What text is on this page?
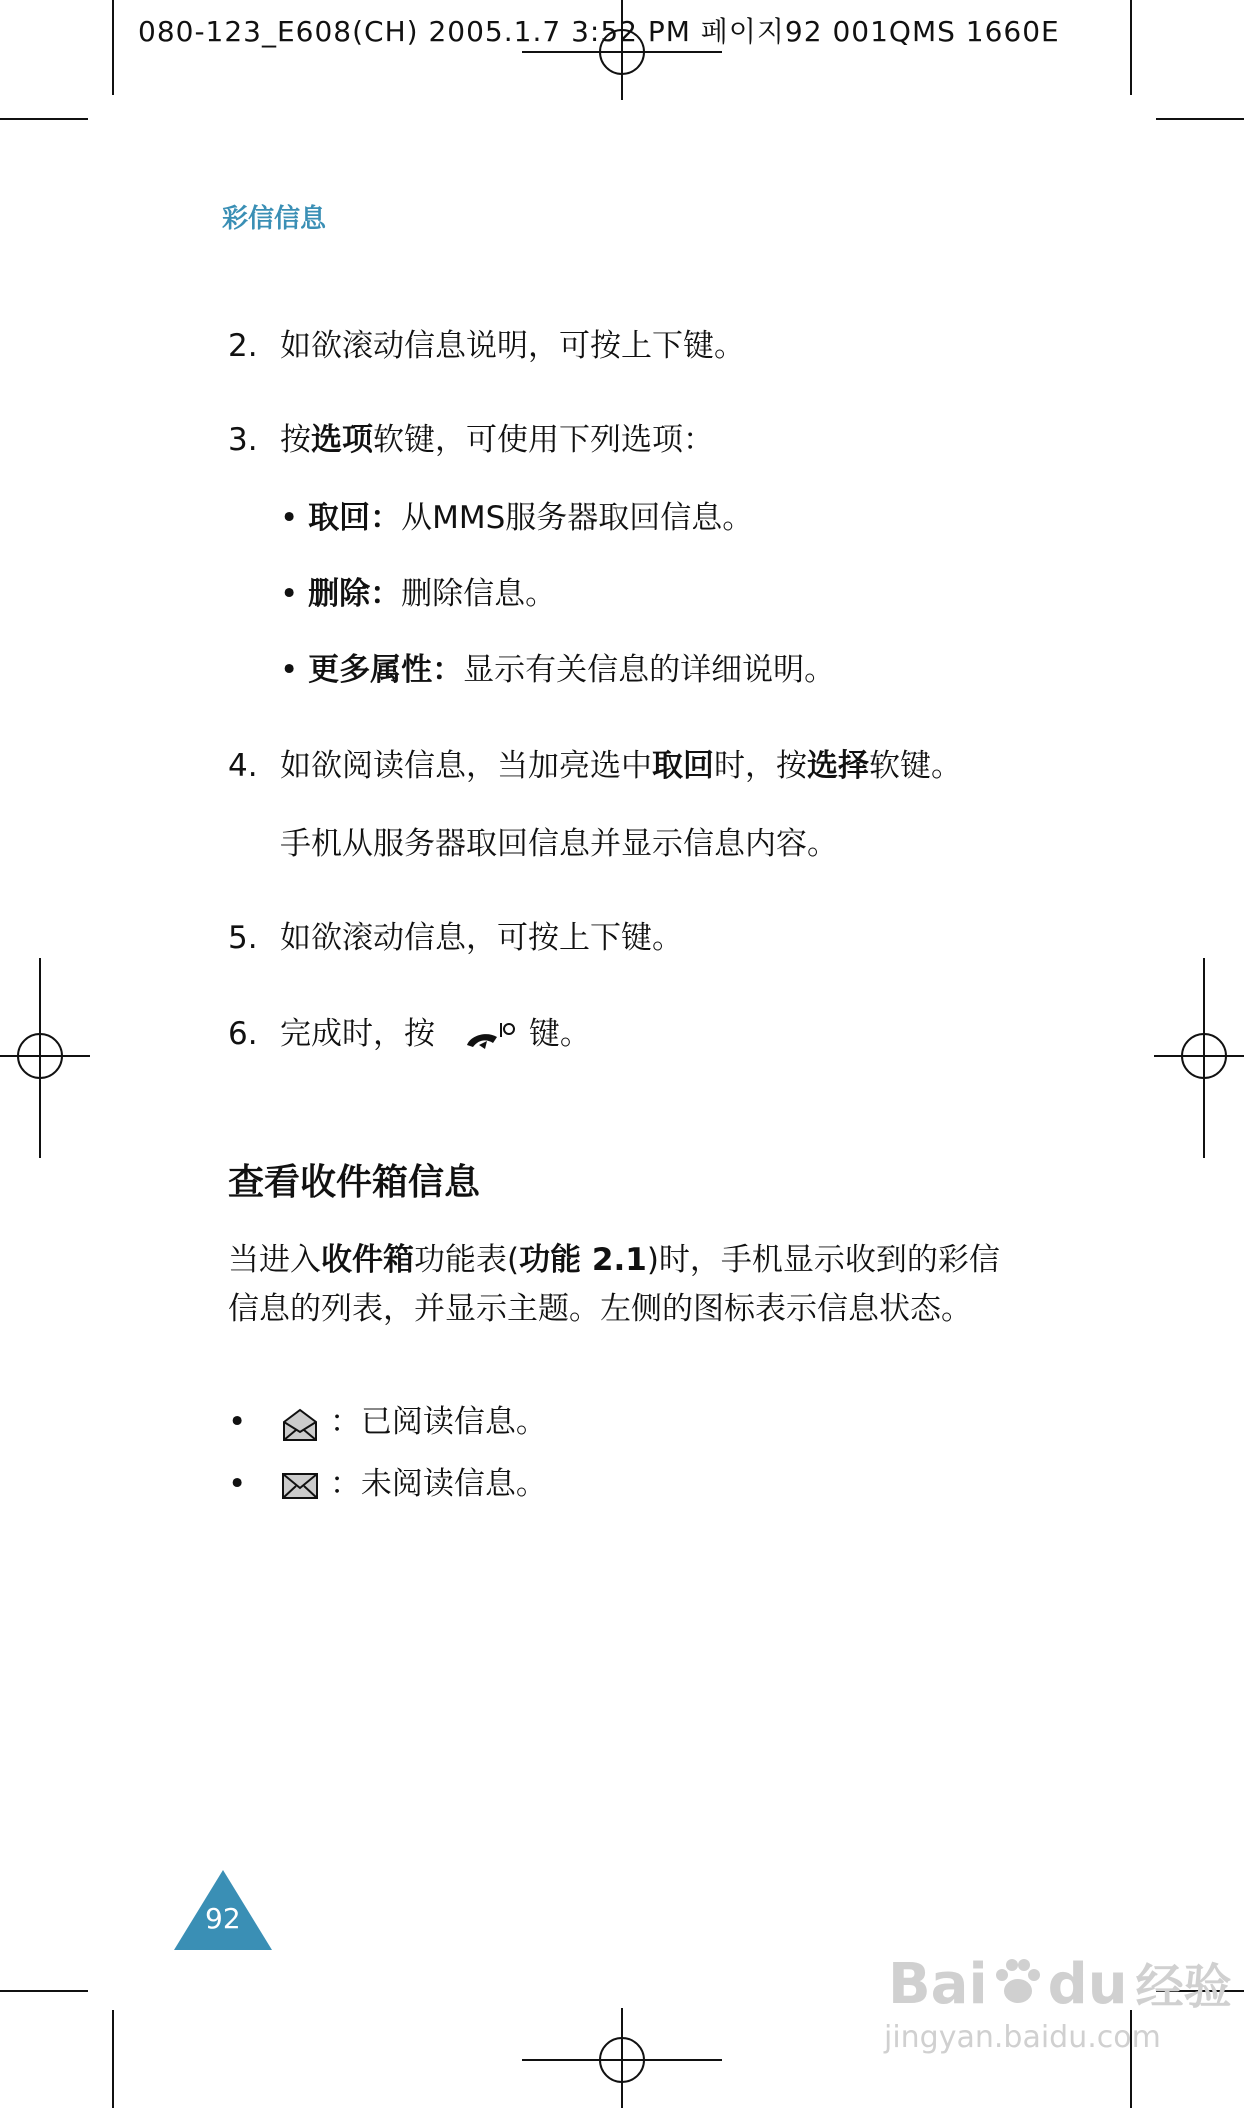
080-123_E608(CH) 2005.1.7 3:52 PM 페이지92 001QMS 1660E
彩信信息
2. 如欲滚动信息说明，可按上下键。
3. 按选项软键，可使用下列选项：
• 取回：从MMS服务器取回信息。
• 删除：删除信息。
• 更多属性：显示有关信息的详细说明。
4. 如欲阅读信息，当加亮选中取回时，按选择软键。
手机从服务器取回信息并显示信息内容。
5. 如欲滚动信息，可按上下键。
6. 完成时，按	键。
查看收件箱信息
当进入收件箱功能表(功能 2.1)时，手机显示收到的彩信信息的列表，并显示主题。左侧的图标表示信息状态。
•	：已阅读信息。
•	：未阅读信息。
92
Bai du 经验
jingyan.baidu.com
